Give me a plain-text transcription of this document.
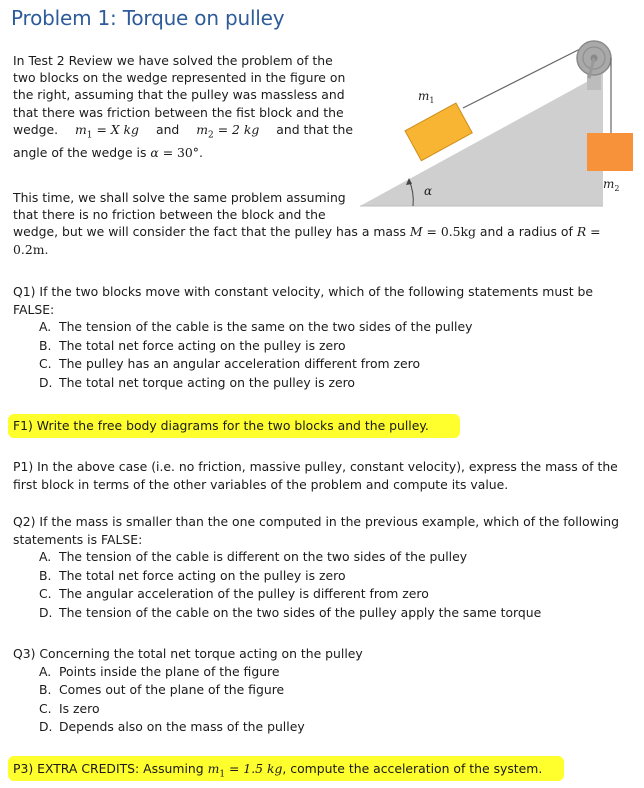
Problem 1: Torque on pulley
In Test 2 Review we have solved the problem of the
two blocks on the wedge represented in the figure on
the right, assuming that the pulley was massless and
that there was friction between the fist block and the
wedge. $m_1 = X$ kg and $m_2 = 2$ kg and that the
angle of the wedge is α = 30°.
$m_1$
α	$m_2$
This time, we shall solve the same problem assuming
that there is no friction between the block and the
wedge, but we will consider the fact that the pulley has a mass M = 0.5kg and a radius of R =
0.2m.
Q1) If the two blocks move with constant velocity, which of the following statements must be
FALSE:
A. The tension of the cable is the same on the two sides of the pulley
B. The total net force acting on the pulley is zero
C. The pulley has an angular acceleration different from zero
D. The total net torque acting on the pulley is zero
F1) Write the free body diagrams for the two blocks and the pulley.
P1) In the above case (i.e. no friction, massive pulley, constant velocity), express the mass of the
first block in terms of the other variables of the problem and compute its value.
Q2) If the mass is smaller than the one computed in the previous example, which of the following
statements is FALSE:
A. The tension of the cable is different on the two sides of the pulley
B. The total net force acting on the pulley is zero
C. The angular acceleration of the pulley is different from zero
D. The tension of the cable on the two sides of the pulley apply the same torque
Q3) Concerning the total net torque acting on the pulley
A. Points inside the plane of the figure
B. Comes out of the plane of the figure
C. Is zero
D. Depends also on the mass of the pulley
P3) EXTRA CREDITS: Assuming $m_1 = 1.5$ kg, compute the acceleration of the system.
